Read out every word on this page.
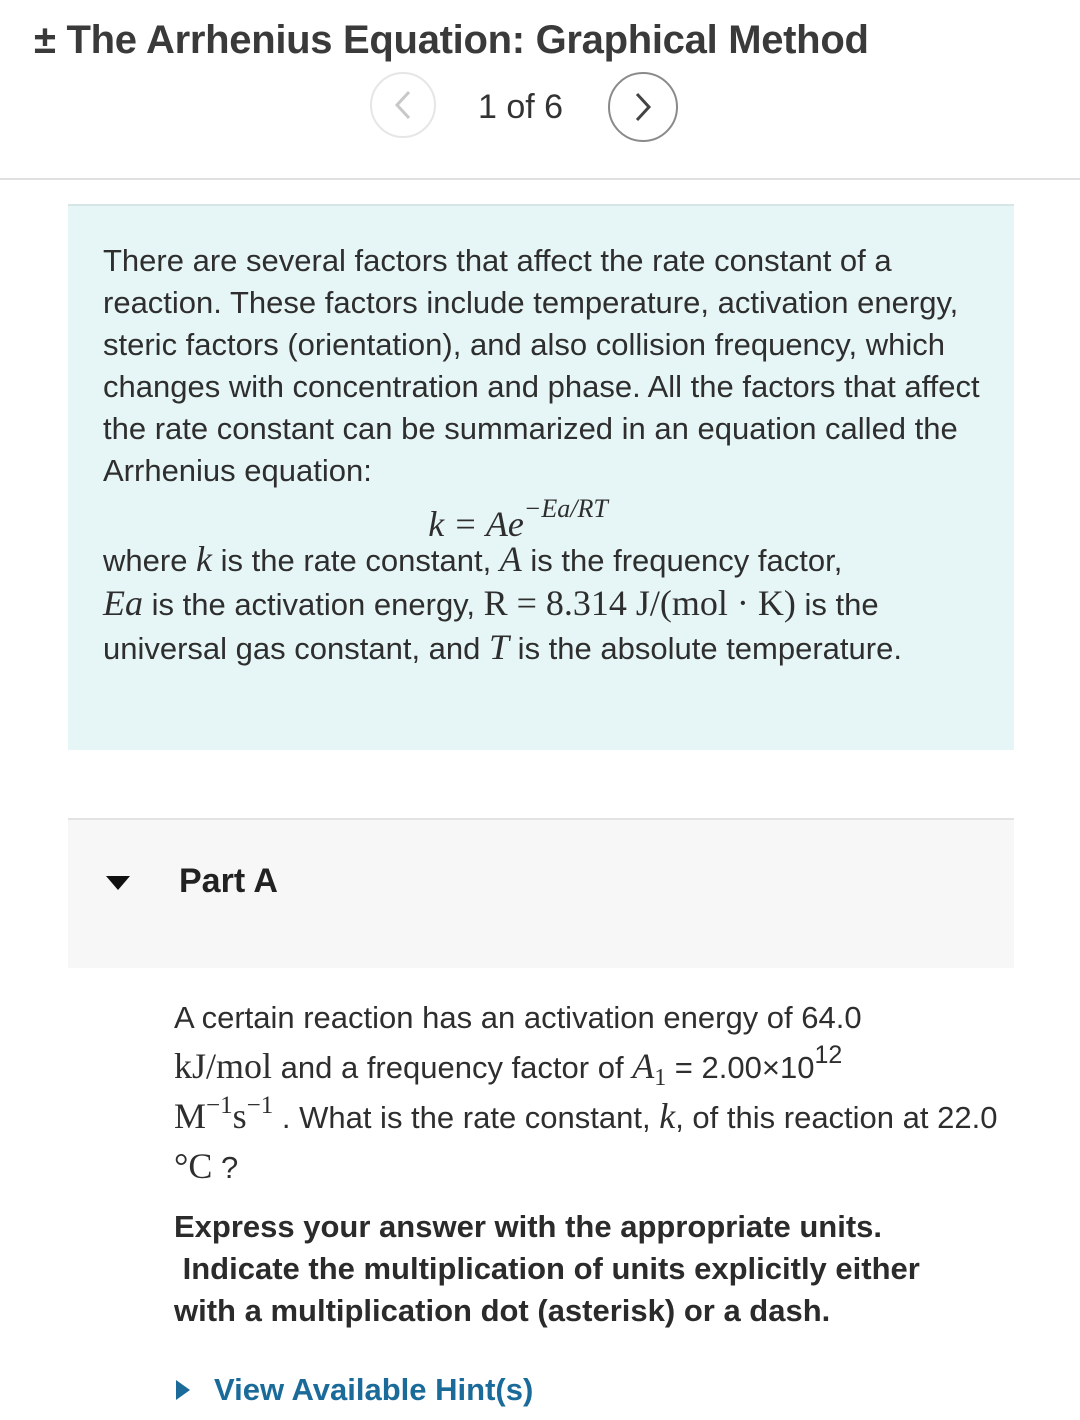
± The Arrhenius Equation: Graphical Method
1 of 6

There are several factors that affect the rate constant of a reaction. These factors include temperature, activation energy, steric factors (orientation), and also collision frequency, which changes with concentration and phase. All the factors that affect the rate constant can be summarized in an equation called the Arrhenius equation:

$k = Ae^{-Ea/RT}$

where k is the rate constant, A is the frequency factor,
Ea is the activation energy, R = 8.314 J/(mol · K) is the universal gas constant, and T is the absolute temperature.

Part A

A certain reaction has an activation energy of 64.0
kJ/mol and a frequency factor of $A_1 = 2.00\times 10^{12}$
$M^{-1}s^{-1}$ . What is the rate constant, k, of this reaction at 22.0 °C ?

Express your answer with the appropriate units.
Indicate the multiplication of units explicitly either
with a multiplication dot (asterisk) or a dash.
View Available Hint(s)
